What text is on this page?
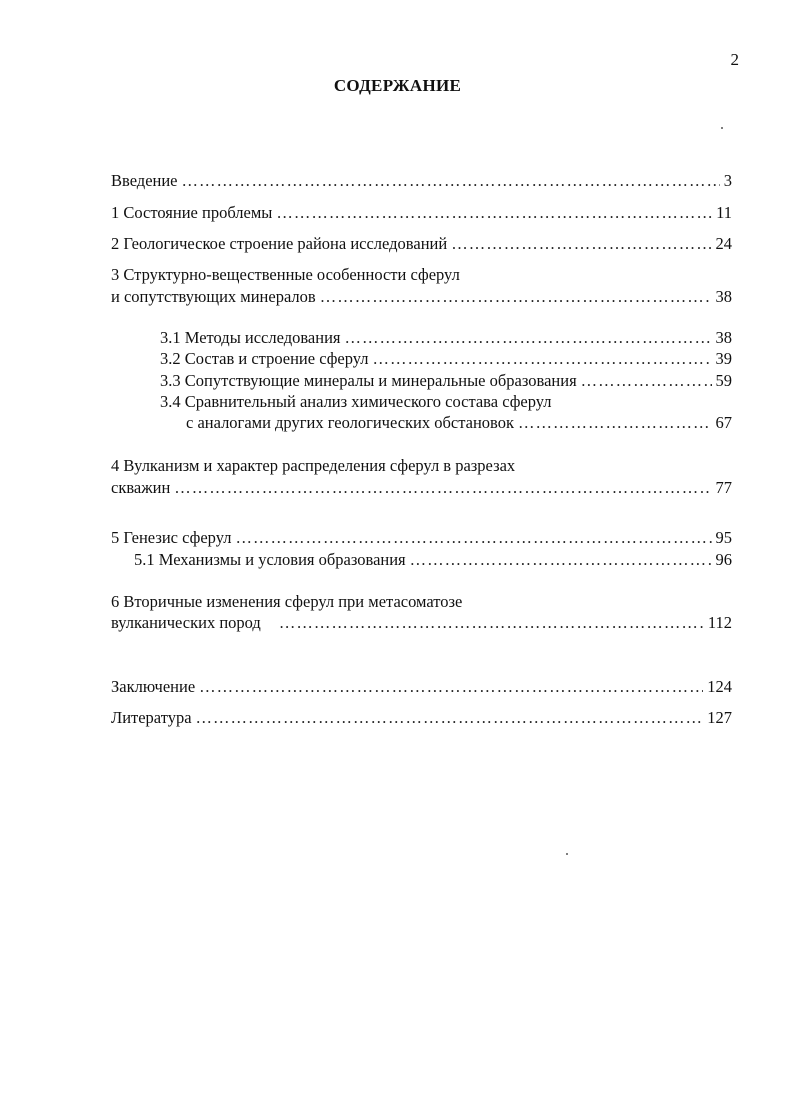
2
СОДЕРЖАНИЕ
Введение ……………………………………………………………………………………………………………………………………………………………………	3
1 Состояние проблемы ……………………………………………………………………………………………………………………………………………………………………	11
2 Геологическое строение района исследований ……………………………………………………………………………………………………………………………………………………………………	24
3 Структурно-вещественные особенности сферул
и сопутствующих минералов ……………………………………………………………………………………………………………………………………………………………………	38
3.1 Методы исследования ……………………………………………………………………………………………………………………………………………………………………	38
3.2 Состав и строение сферул ……………………………………………………………………………………………………………………………………………………………………	39
3.3 Сопутствующие минералы и минеральные образования ……………………………………………………………………………………………………………………………………………………………………	59
3.4 Сравнительный анализ химического состава сферул
с аналогами других геологических обстановок ……………………………………………………………………………………………………………………………………………………………………	67
4 Вулканизм и характер распределения сферул в разрезах
скважин ……………………………………………………………………………………………………………………………………………………………………	77
5 Генезис сферул ……………………………………………………………………………………………………………………………………………………………………	95
5.1 Механизмы и условия образования ……………………………………………………………………………………………………………………………………………………………………	96
6 Вторичные изменения сферул при метасоматозе
вулканических пород ……………………………………………………………………………………………………………………………………………………………………	112
Заключение ……………………………………………………………………………………………………………………………………………………………………	124
Литература ……………………………………………………………………………………………………………………………………………………………………	127
